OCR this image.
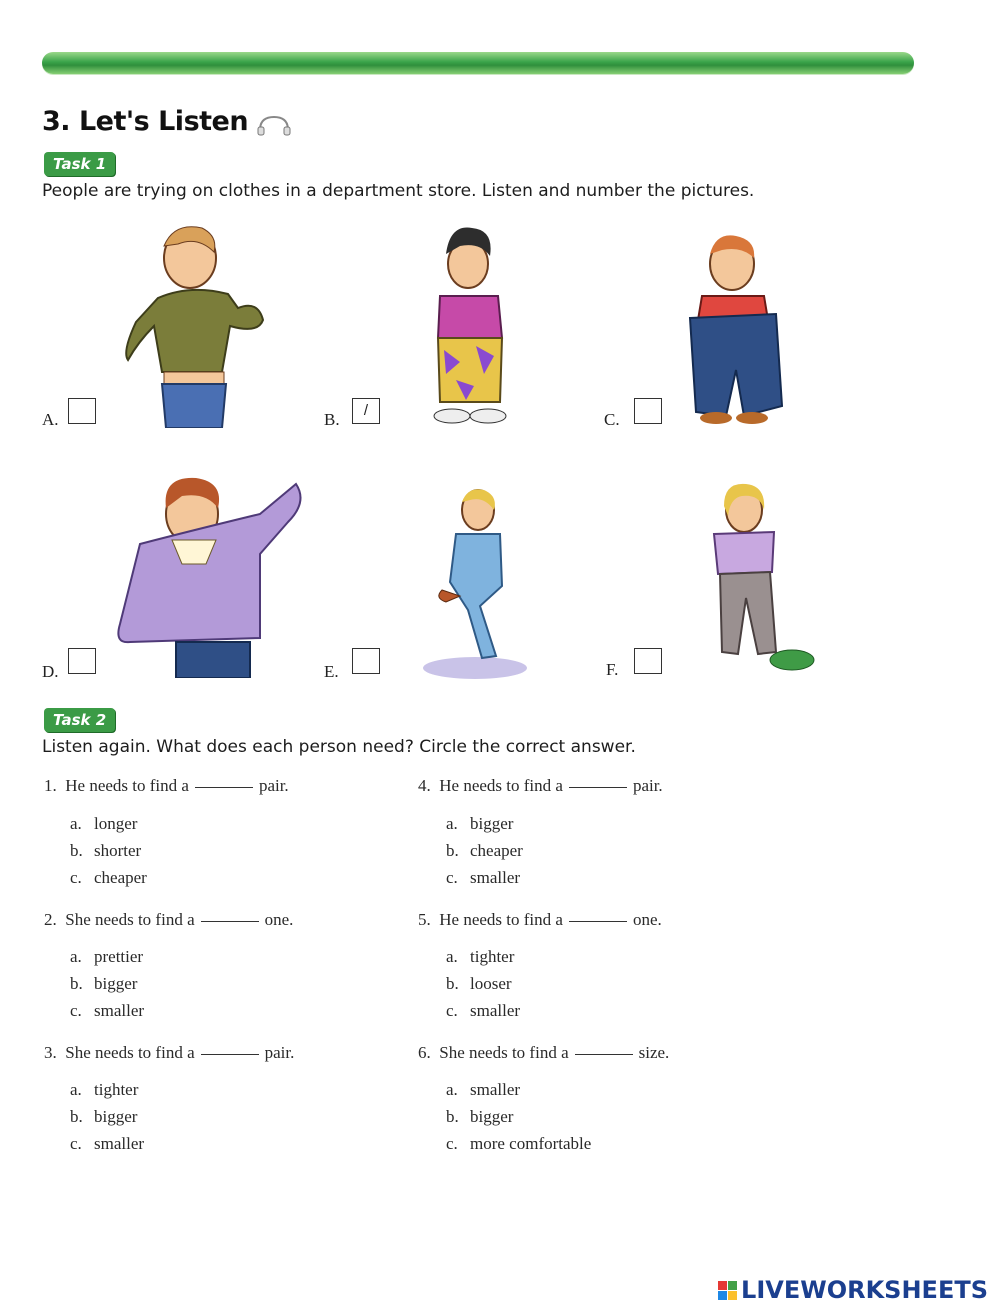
3. Let's Listen
Task 1
People are trying on clothes in a department store. Listen and number the pictures.
A.	B.	/	C.
D.	E.	F.
Task 2
Listen again. What does each person need? Circle the correct answer.
1. He needs to find a	pair.
a. longer
b. shorter
c. cheaper
2. She needs to find a	one.
a. prettier
b. bigger
c. smaller
3. She needs to find a	pair.
a. tighter
b. bigger
c. smaller
4. He needs to find a	pair.
a. bigger
b. cheaper
c. smaller
5. He needs to find a	one.
a. tighter
b. looser
c. smaller
6. She needs to find a	size.
a. smaller
b. bigger
c. more comfortable
LIVEWORKSHEETS
